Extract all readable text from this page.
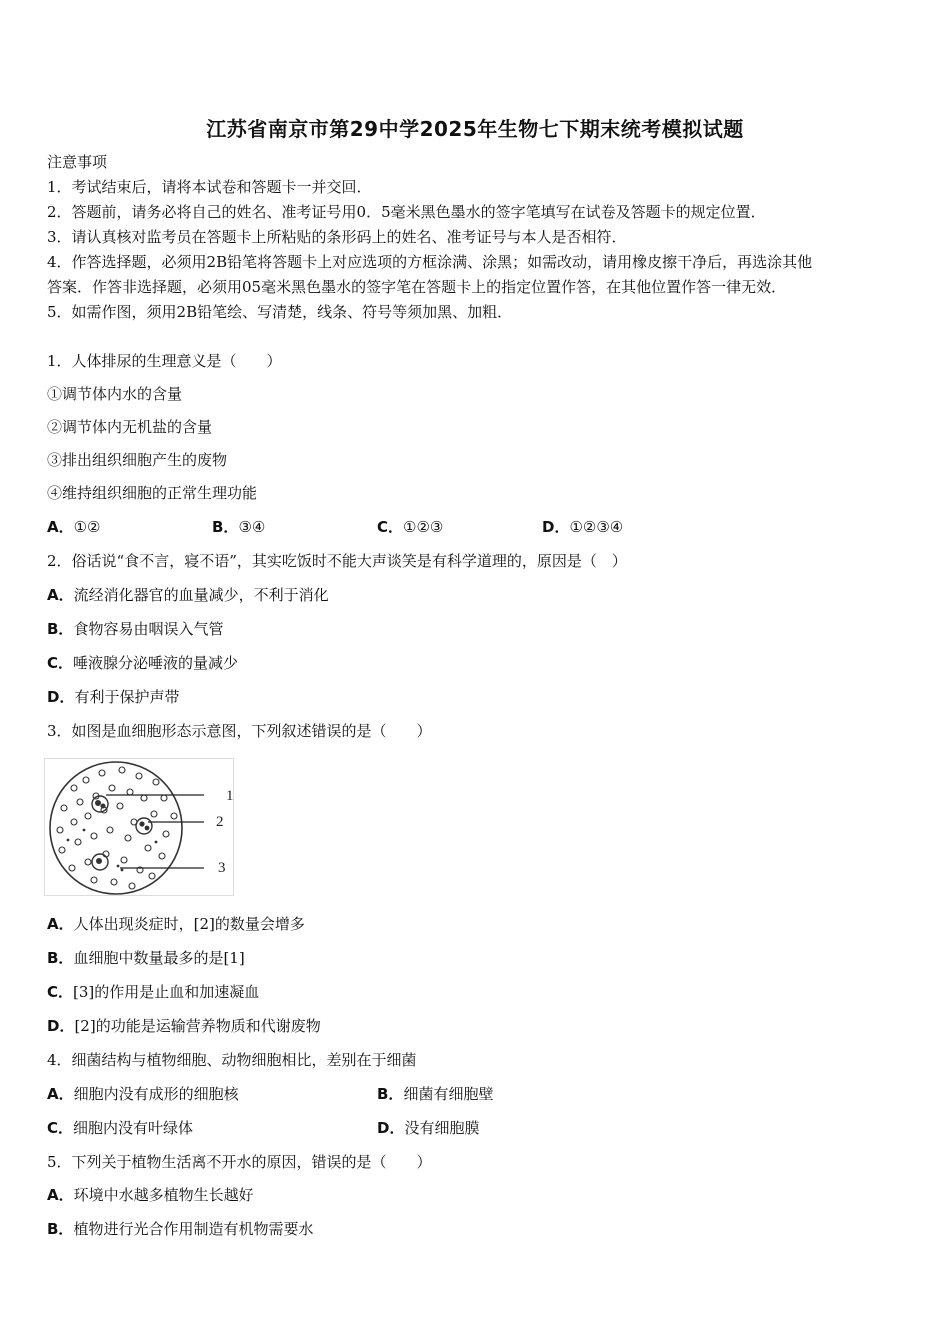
江苏省南京市第29中学2025年生物七下期末统考模拟试题
注意事项
1．考试结束后，请将本试卷和答题卡一并交回．
2．答题前，请务必将自己的姓名、准考证号用0．5毫米黑色墨水的签字笔填写在试卷及答题卡的规定位置．
3．请认真核对监考员在答题卡上所粘贴的条形码上的姓名、准考证号与本人是否相符．
4．作答选择题，必须用2B铅笔将答题卡上对应选项的方框涂满、涂黑；如需改动，请用橡皮擦干净后，再选涂其他
答案．作答非选择题，必须用05毫米黑色墨水的签字笔在答题卡上的指定位置作答，在其他位置作答一律无效．
5．如需作图，须用2B铅笔绘、写清楚，线条、符号等须加黑、加粗．
1．人体排尿的生理意义是（　　）
①调节体内水的含量
②调节体内无机盐的含量
③排出组织细胞产生的废物
④维持组织细胞的正常生理功能
A．①②	B．③④	C．①②③	D．①②③④
2．俗话说“食不言，寝不语”，其实吃饭时不能大声谈笑是有科学道理的，原因是（　）
A．流经消化器官的血量减少，不利于消化
B．食物容易由咽误入气管
C．唾液腺分泌唾液的量减少
D．有利于保护声带
3．如图是血细胞形态示意图，下列叙述错误的是（　　）
1
2
3
A．人体出现炎症时，[2]的数量会增多
B．血细胞中数量最多的是[1]
C．[3]的作用是止血和加速凝血
D．[2]的功能是运输营养物质和代谢废物
4．细菌结构与植物细胞、动物细胞相比，差别在于细菌
A．细胞内没有成形的细胞核	B．细菌有细胞壁
C．细胞内没有叶绿体	D．没有细胞膜
5．下列关于植物生活离不开水的原因，错误的是（　　）
A．环境中水越多植物生长越好
B．植物进行光合作用制造有机物需要水
